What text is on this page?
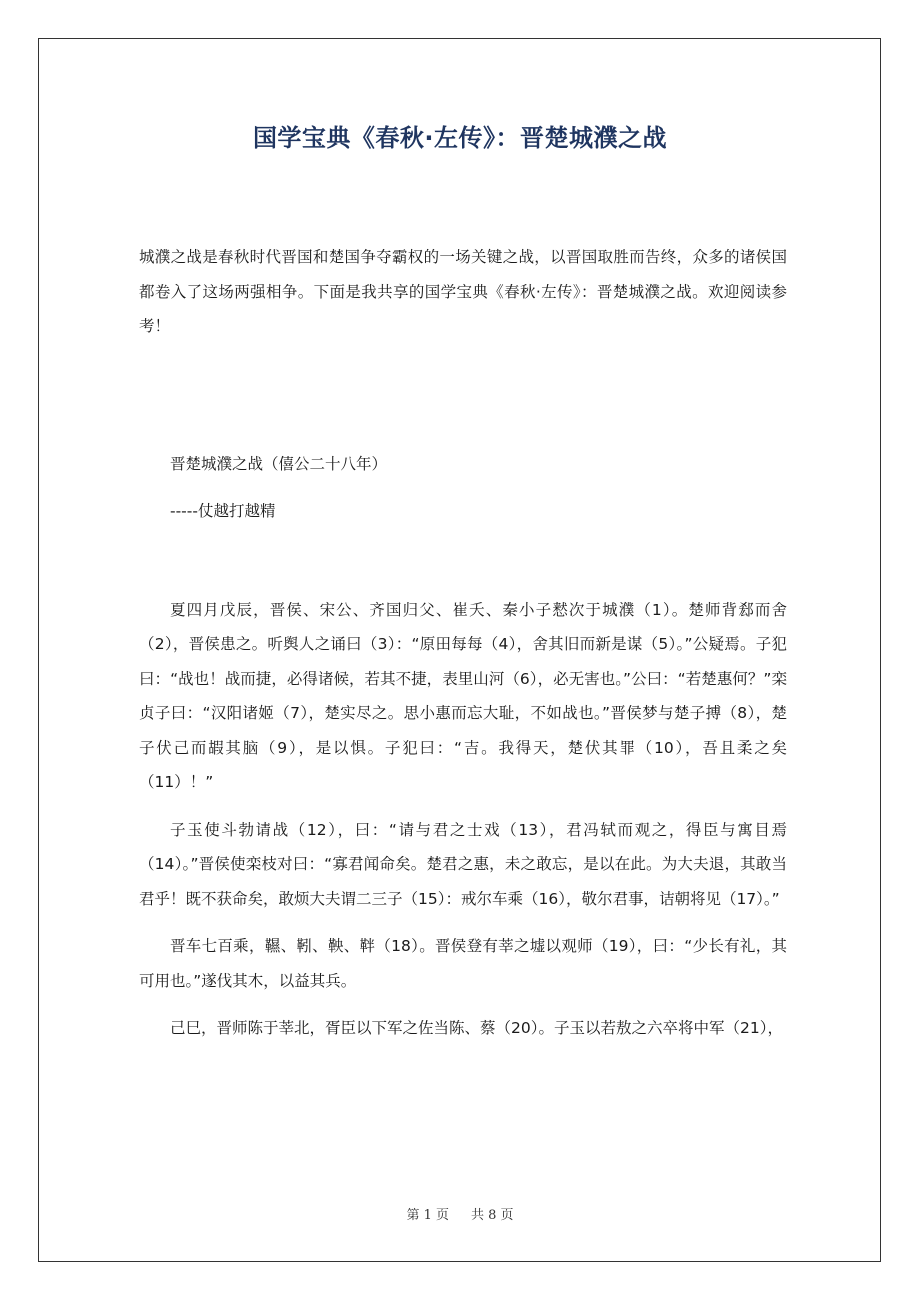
国学宝典《春秋·左传》：晋楚城濮之战

城濮之战是春秋时代晋国和楚国争夺霸权的一场关键之战，以晋国取胜而告终，众多的诸侯国都卷入了这场两强相争。下面是我共享的国学宝典《春秋·左传》：晋楚城濮之战。欢迎阅读参考！

晋楚城濮之战（僖公二十八年）

-----仗越打越精

夏四月戊辰，晋侯、宋公、齐国归父、崔夭、秦小子慭次于城濮（1）。楚师背郄而舍（2），晋侯患之。听舆人之诵曰（3）：“原田每每（4），舍其旧而新是谋（5）。”公疑焉。子犯曰：“战也！战而捷，必得诸候，若其不捷，表里山河（6），必无害也。”公曰：“若楚惠何？”栾贞子曰：“汉阳诸姬（7），楚实尽之。思小惠而忘大耻，不如战也。”晋侯梦与楚子搏（8），楚子伏己而嘏其脑（9），是以惧。子犯曰：“吉。我得天，楚伏其罪（10），吾且柔之矣（11）！”

子玉使斗勃请战（12），曰：“请与君之士戏（13），君冯轼而观之，得臣与寓目焉（14）。”晋侯使栾枝对曰：“寡君闻命矣。楚君之惠，未之敢忘，是以在此。为大夫退，其敢当君乎！既不获命矣，敢烦大夫谓二三子（15）：戒尔车乘（16），敬尔君事，诘朝将见（17）。”

晋车七百乘，韅、靷、鞅、靽（18）。晋侯登有莘之墟以观师（19），曰：“少长有礼，其可用也。”遂伐其木，以益其兵。

己巳，晋师陈于莘北，胥臣以下军之佐当陈、蔡（20）。子玉以若敖之六卒将中军（21），

第 1 页 共 8 页
